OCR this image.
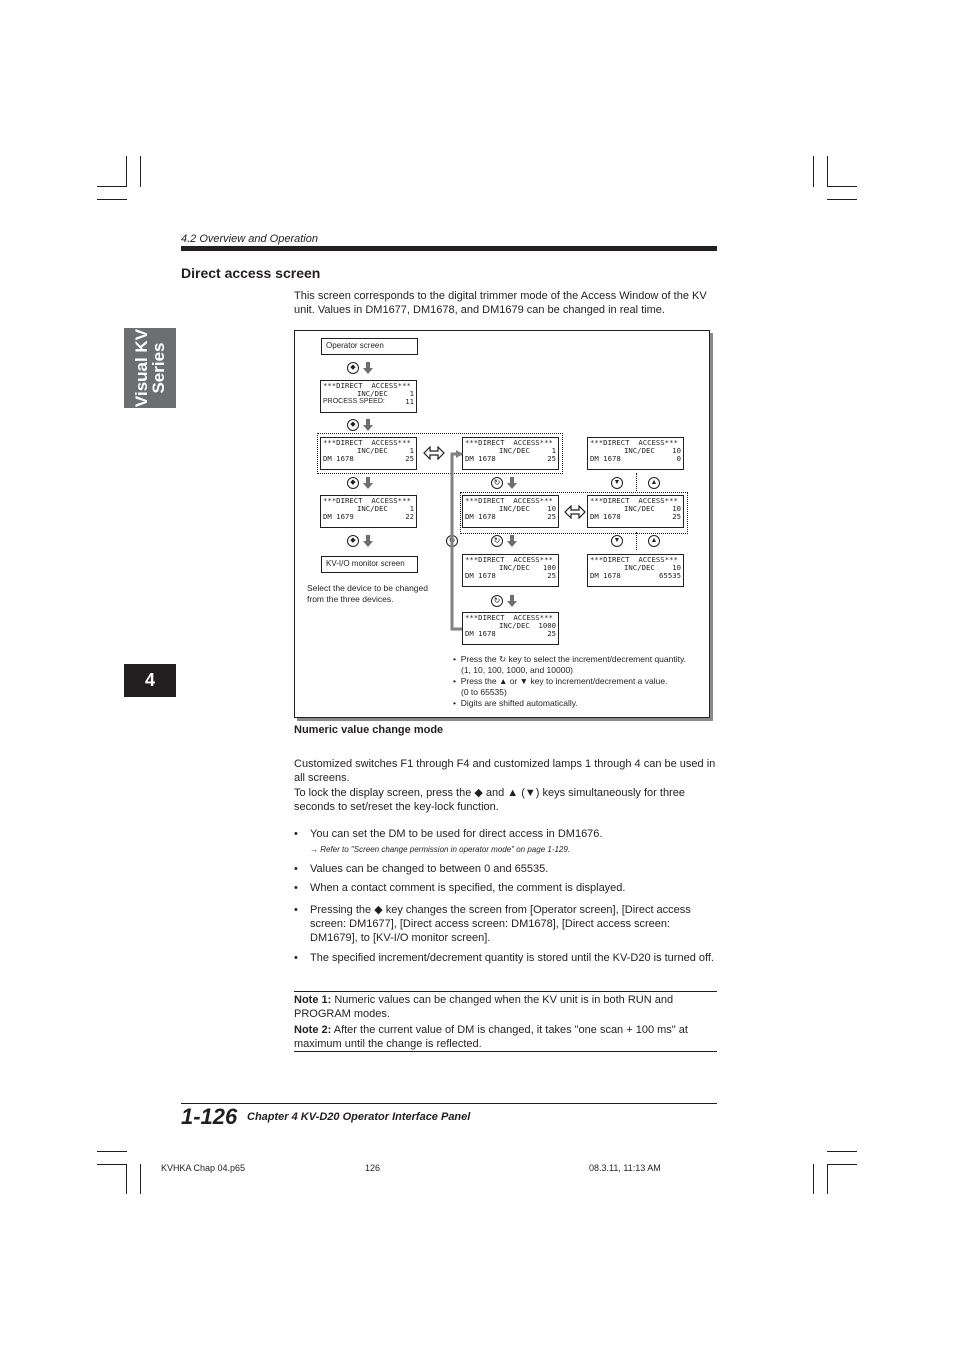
4.2 Overview and Operation
Direct access screen
Visual KV
Series
4
This screen corresponds to the digital trimmer mode of the Access Window of the KV unit. Values in DM1677, DM1678, and DM1679 can be changed in real time.
Operator screen
◆
***DIRECT  ACCESS***
INC/DEC	1
PROCESS SPEED:	11
◆
***DIRECT  ACCESS***
INC/DEC	1
DM 1678	25
***DIRECT  ACCESS***
INC/DEC	1
DM 1678	25
***DIRECT  ACCESS***
INC/DEC 10
DM 1678	0
◆	↻	▼
***DIRECT  ACCESS***
INC/DEC	1
DM 1679	22
***DIRECT  ACCESS***
INC/DEC 10
DM 1678	25
***DIRECT  ACCESS***
INC/DEC 10
DM 1678	25
◆	↻	↻	▼	▲
▲
KV-I/O monitor screen	***DIRECT  ACCESS***
INC/DEC 100
DM 1678	25
***DIRECT  ACCESS***
INC/DEC 10
DM 1678	65535
Select the device to be changed from the three devices.	↻
***DIRECT  ACCESS***
INC/DEC 1000
DM 1678	25
•  Press the ↻ key to select the increment/decrement quantity.
(1, 10, 100, 1000, and 10000)
•  Press the ▲ or ▼ key to increment/decrement a value.
(0 to 65535)
•  Digits are shifted automatically.
Numeric value change mode
Customized switches F1 through F4 and customized lamps 1 through 4 can be used in all screens.
To lock the display screen, press the ◆ and ▲ (▼) keys simultaneously for three seconds to set/reset the key-lock function.
•	You can set the DM to be used for direct access in DM1676.
→ Refer to "Screen change permission in operator mode" on page 1-129.
•	Values can be changed to between 0 and 65535.
•	When a contact comment is specified, the comment is displayed.
•	Pressing the ◆ key changes the screen from [Operator screen], [Direct access screen: DM1677], [Direct access screen: DM1678], [Direct access screen: DM1679], to [KV-I/O monitor screen].
•	The specified increment/decrement quantity is stored until the KV-D20 is turned off.
Note 1: Numeric values can be changed when the KV unit is in both RUN and PROGRAM modes.
Note 2: After the current value of DM is changed, it takes "one scan + 100 ms" at maximum until the change is reflected.
1-126 Chapter 4 KV-D20 Operator Interface Panel
KVHKA Chap 04.p65	126	08.3.11, 11:13 AM
